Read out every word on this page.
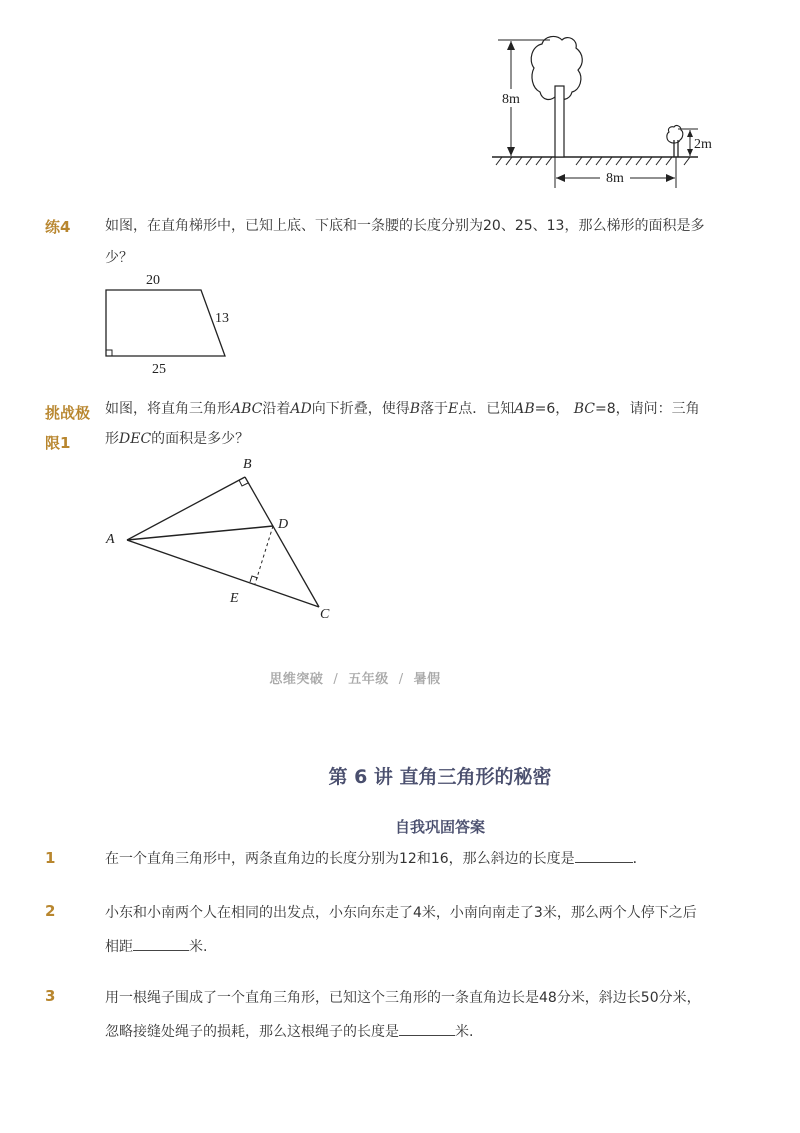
8m
2m
8m
练4 如图，在直角梯形中，已知上底、下底和一条腰的长度分别为20、25、13，那么梯形的面积是多
少？
20
13
25
挑战极
限1
如图，将直角三角形ABC沿着AD向下折叠，使得B落于E点．已知AB=6， BC=8，请问：三角
形DEC的面积是多少？
A
B
C
D
E
思维突破 / 五年级 / 暑假
第 6 讲 直角三角形的秘密
自我巩固答案
1	在一个直角三角形中，两条直角边的长度分别为12和16，那么斜边的长度是	．
2	小东和小南两个人在相同的出发点，小东向东走了4米，小南向南走了3米，那么两个人停下之后
相距	米.
3	用一根绳子围成了一个直角三角形，已知这个三角形的一条直角边长是48分米，斜边长50分米，
忽略接缝处绳子的损耗，那么这根绳子的长度是	米.
